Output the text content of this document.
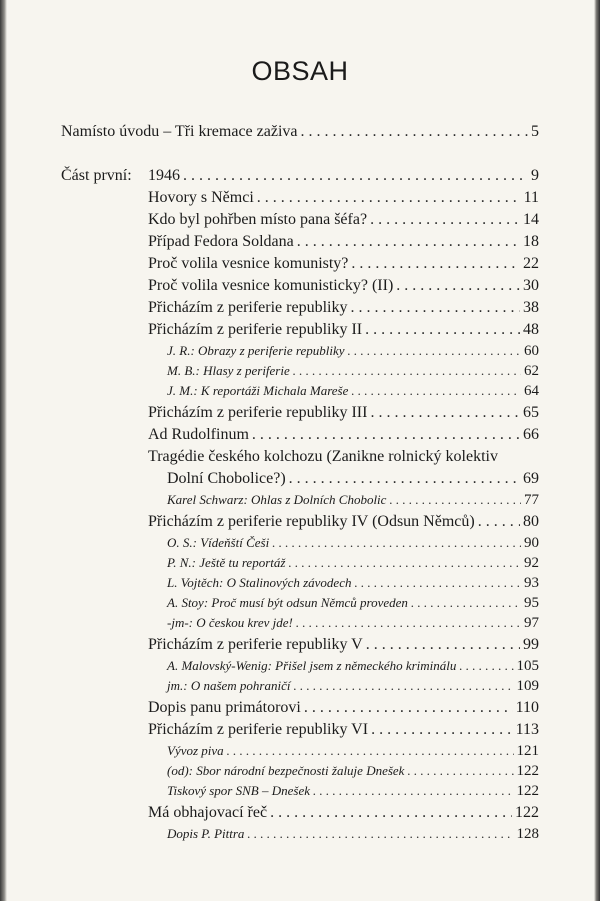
OBSAH
Namísto úvodu – Tři kremace zaživa . . .	5
Část první: 1946 . . .	9
Hovory s Němci . . .	11
Kdo byl pohřben místo pana šéfa? . . .	14
Případ Fedora Soldana . . .	18
Proč volila vesnice komunisty? . . .	22
Proč volila vesnice komunisticky? (II) . . .	30
Přicházím z periferie republiky . . .	38
Přicházím z periferie republiky II . . .	48
J. R.: Obrazy z periferie republiky . . .	60
M. B.: Hlasy z periferie . . .	62
J. M.: K reportáži Michala Mareše . . .	64
Přicházím z periferie republiky III . . .	65
Ad Rudolfinum . . .	66
Tragédie českého kolchozu (Zanikne rolnický kolektiv
Dolní Chobolice?) . . .	69
Karel Schwarz: Ohlas z Dolních Chobolic . . .	77
Přicházím z periferie republiky IV (Odsun Němců) . . .	80
O. S.: Vídeňští Češi . . .	90
P. N.: Ještě tu reportáž . . .	92
L. Vojtěch: O Stalinových závodech . . .	93
A. Stoy: Proč musí být odsun Němců proveden . . .	95
-jm-: O českou krev jde! . . .	97
Přicházím z periferie republiky V . . .	99
A. Malovský-Wenig: Přišel jsem z německého kriminálu . . .	105
jm.: O našem pohraničí . . .	109
Dopis panu primátorovi . . .	110
Přicházím z periferie republiky VI . . .	113
Vývoz piva . . .	121
(od): Sbor národní bezpečnosti žaluje Dnešek . . .	122
Tiskový spor SNB – Dnešek . . .	122
Má obhajovací řeč . . .	122
Dopis P. Pittra . . .	128
